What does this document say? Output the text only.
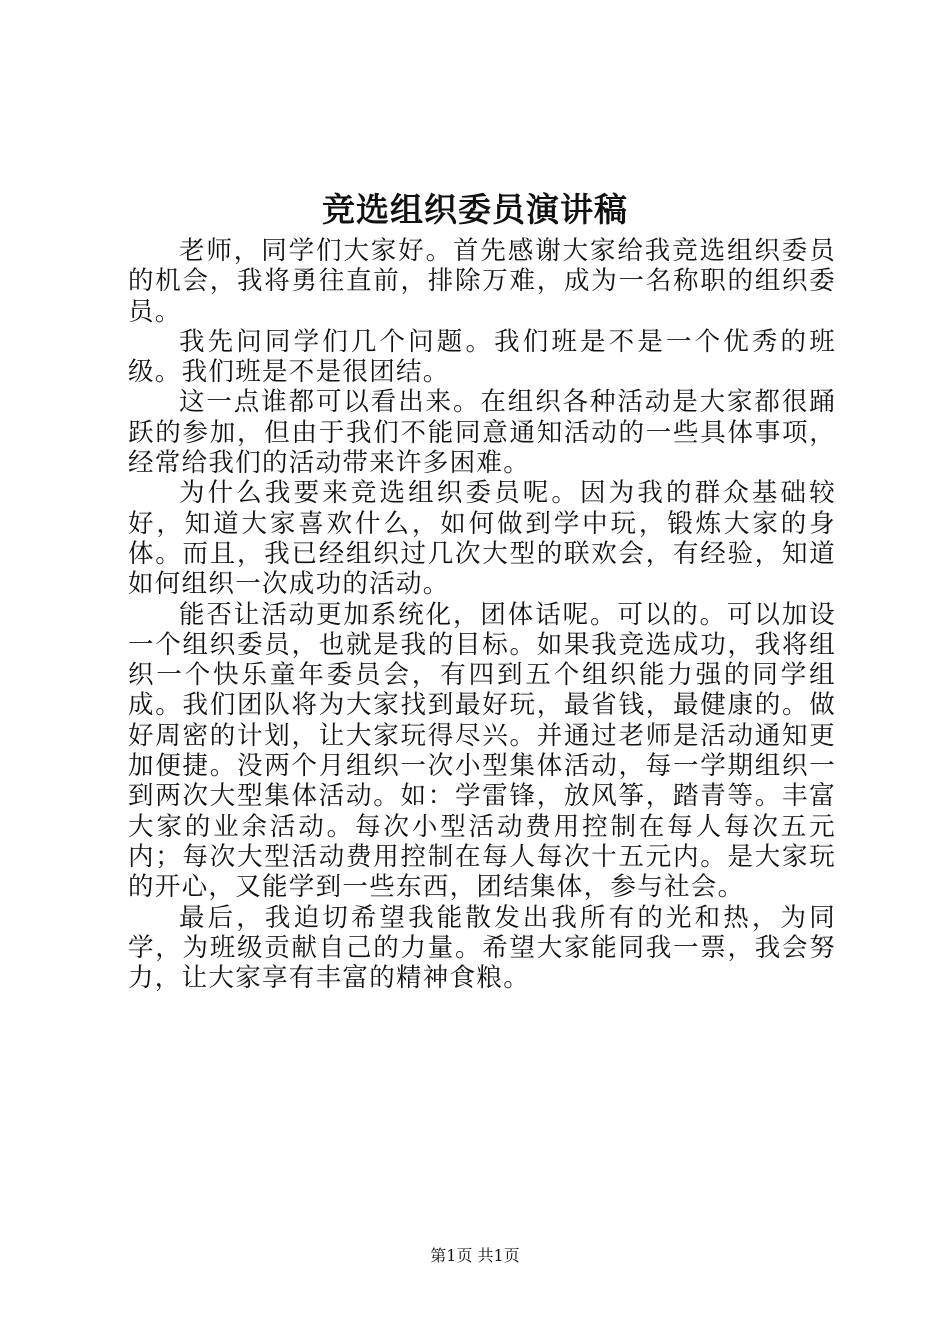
竞选组织委员演讲稿

老师，同学们大家好。首先感谢大家给我竞选组织委员的机会，我将勇往直前，排除万难，成为一名称职的组织委员。

我先问同学们几个问题。我们班是不是一个优秀的班级。我们班是不是很团结。

这一点谁都可以看出来。在组织各种活动是大家都很踊跃的参加，但由于我们不能同意通知活动的一些具体事项，经常给我们的活动带来许多困难。

为什么我要来竞选组织委员呢。因为我的群众基础较好，知道大家喜欢什么，如何做到学中玩，锻炼大家的身体。而且，我已经组织过几次大型的联欢会，有经验，知道如何组织一次成功的活动。

能否让活动更加系统化，团体话呢。可以的。可以加设一个组织委员，也就是我的目标。如果我竞选成功，我将组织一个快乐童年委员会，有四到五个组织能力强的同学组成。我们团队将为大家找到最好玩，最省钱，最健康的。做好周密的计划，让大家玩得尽兴。并通过老师是活动通知更加便捷。没两个月组织一次小型集体活动，每一学期组织一到两次大型集体活动。如：学雷锋，放风筝，踏青等。丰富大家的业余活动。每次小型活动费用控制在每人每次五元内；每次大型活动费用控制在每人每次十五元内。是大家玩的开心，又能学到一些东西，团结集体，参与社会。

最后，我迫切希望我能散发出我所有的光和热，为同学，为班级贡献自己的力量。希望大家能同我一票，我会努力，让大家享有丰富的精神食粮。

第1页 共1页
